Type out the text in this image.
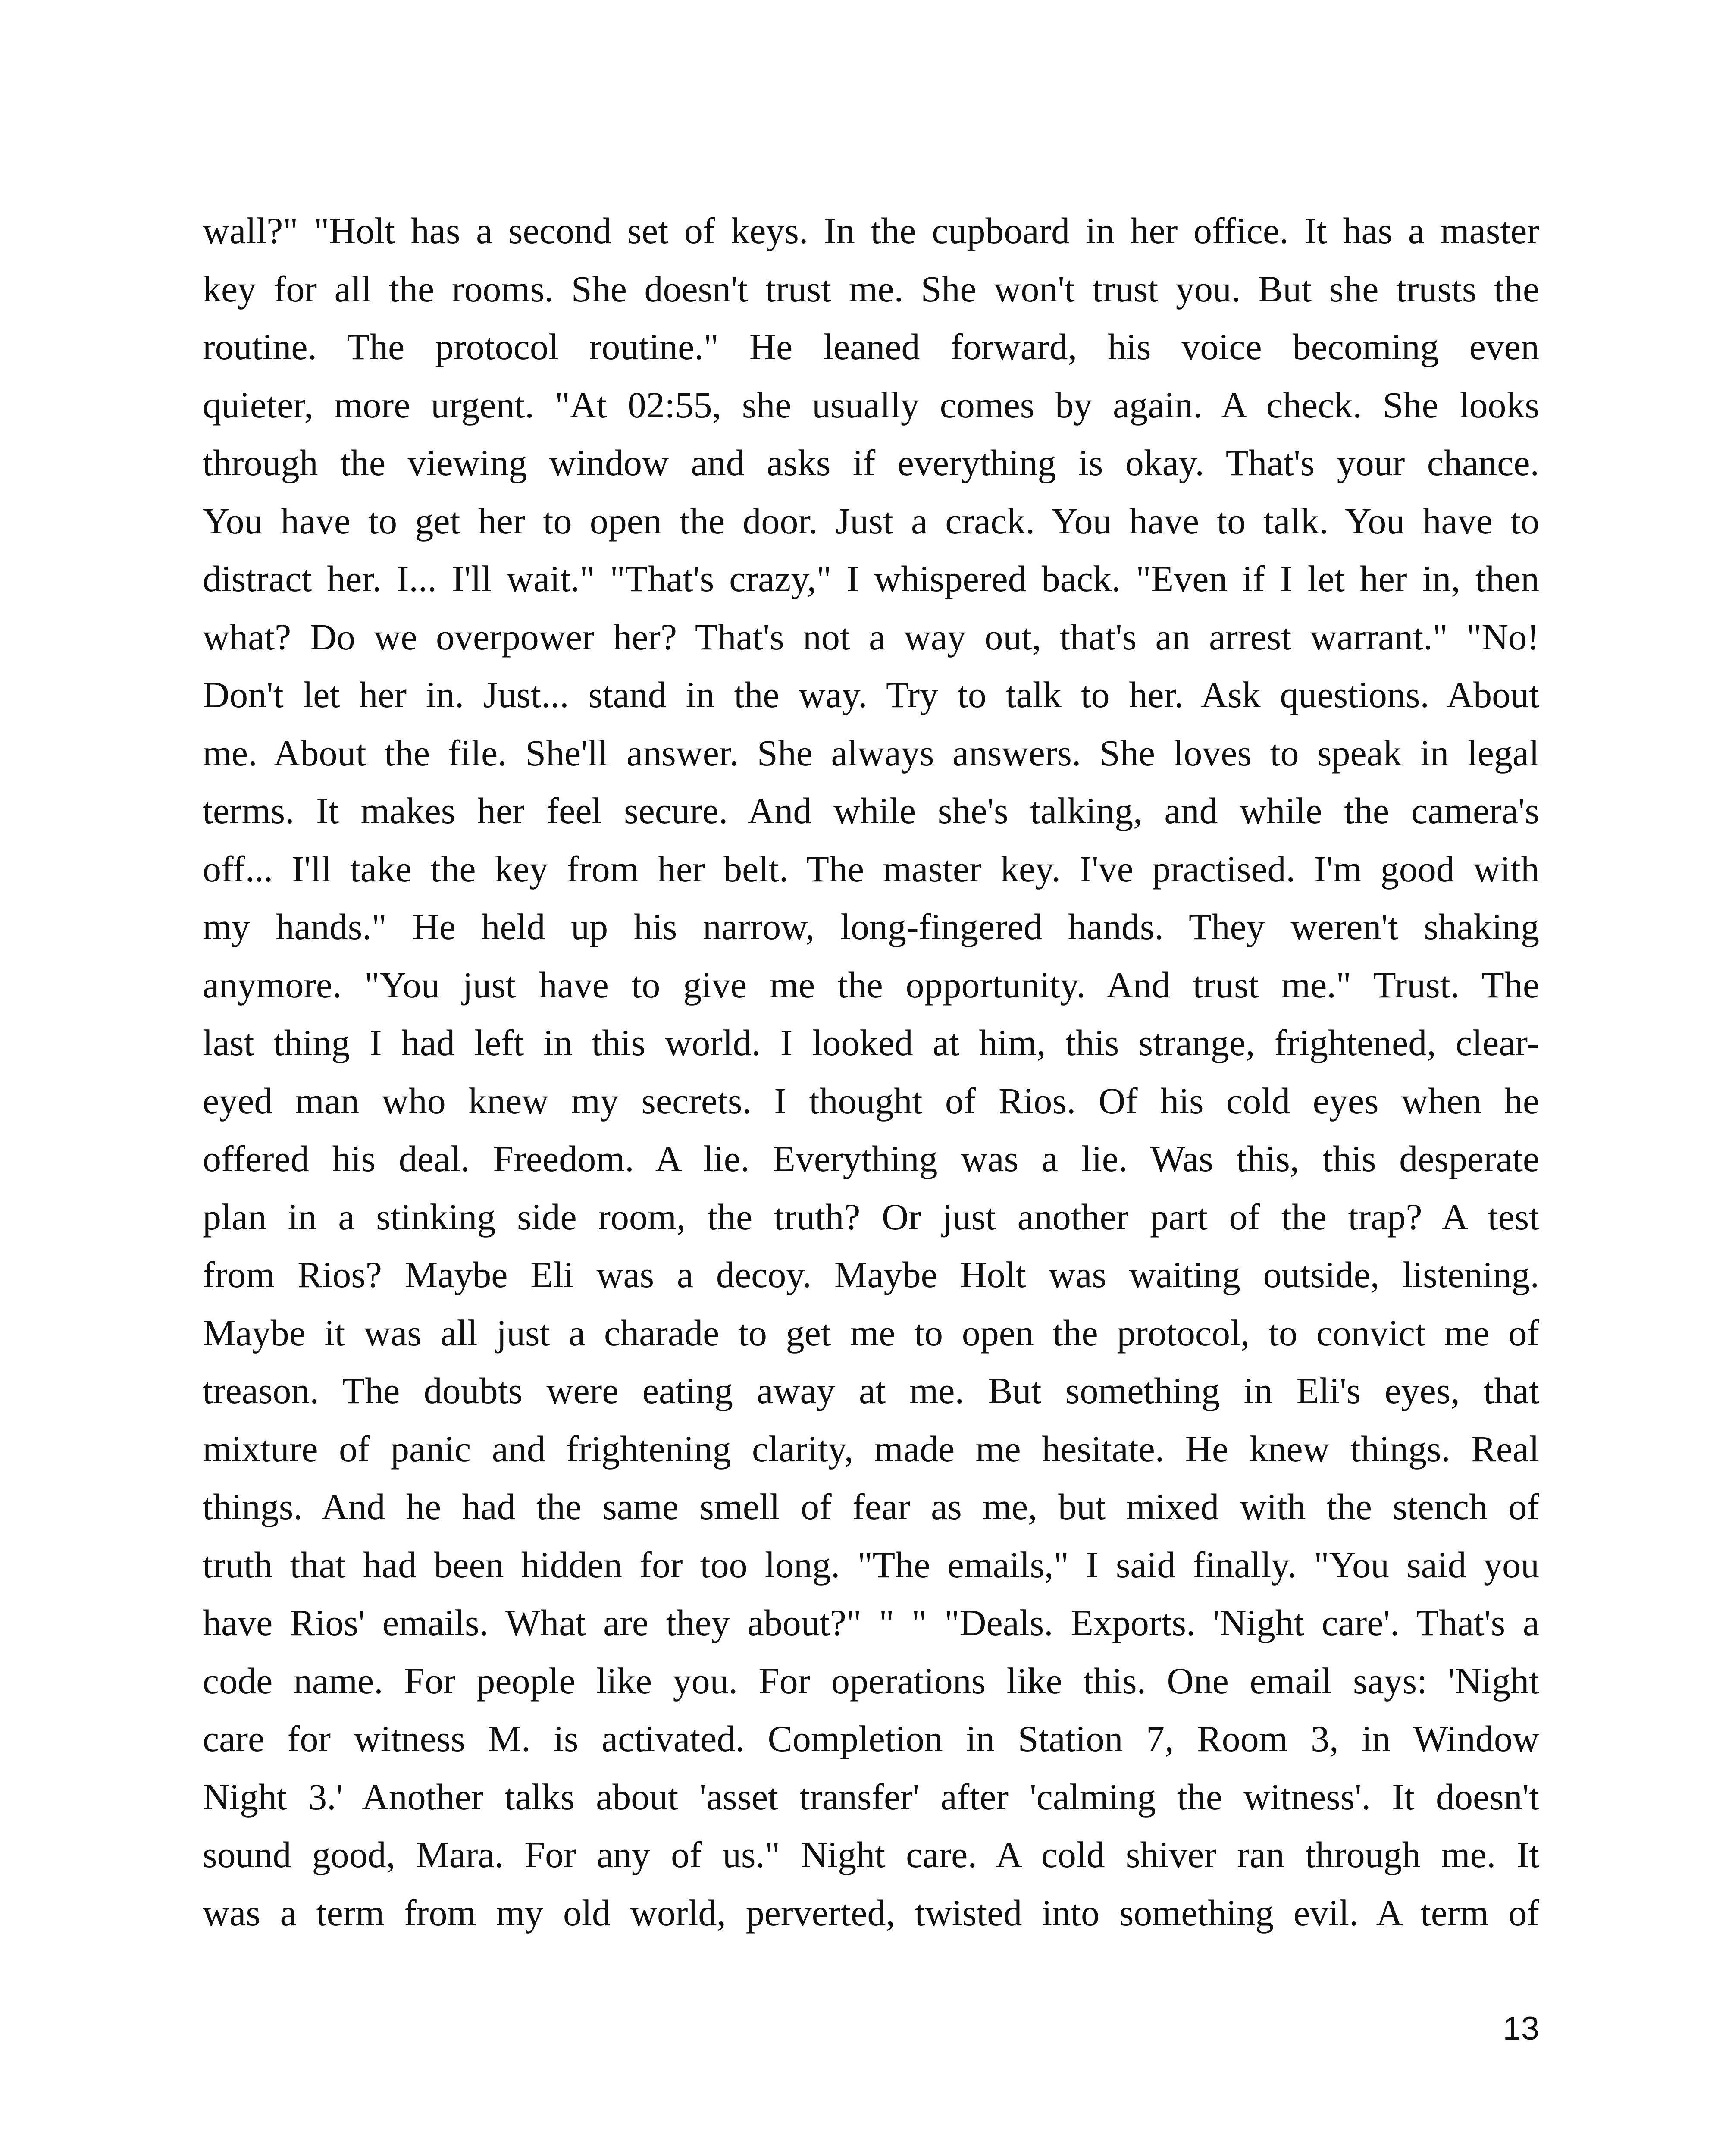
wall?" "Holt has a second set of keys. In the cupboard in her office. It has a master
key for all the rooms. She doesn't trust me. She won't trust you. But she trusts the
routine. The protocol routine." He leaned forward, his voice becoming even
quieter, more urgent. "At 02:55, she usually comes by again. A check. She looks
through the viewing window and asks if everything is okay. That's your chance.
You have to get her to open the door. Just a crack. You have to talk. You have to
distract her. I... I'll wait." "That's crazy," I whispered back. "Even if I let her in, then
what? Do we overpower her? That's not a way out, that's an arrest warrant." "No!
Don't let her in. Just... stand in the way. Try to talk to her. Ask questions. About
me. About the file. She'll answer. She always answers. She loves to speak in legal
terms. It makes her feel secure. And while she's talking, and while the camera's
off... I'll take the key from her belt. The master key. I've practised. I'm good with
my hands." He held up his narrow, long-fingered hands. They weren't shaking
anymore. "You just have to give me the opportunity. And trust me." Trust. The
last thing I had left in this world. I looked at him, this strange, frightened, clear-
eyed man who knew my secrets. I thought of Rios. Of his cold eyes when he
offered his deal. Freedom. A lie. Everything was a lie. Was this, this desperate
plan in a stinking side room, the truth? Or just another part of the trap? A test
from Rios? Maybe Eli was a decoy. Maybe Holt was waiting outside, listening.
Maybe it was all just a charade to get me to open the protocol, to convict me of
treason. The doubts were eating away at me. But something in Eli's eyes, that
mixture of panic and frightening clarity, made me hesitate. He knew things. Real
things. And he had the same smell of fear as me, but mixed with the stench of
truth that had been hidden for too long. "The emails," I said finally. "You said you
have Rios' emails. What are they about?" " " "Deals. Exports. 'Night care'. That's a
code name. For people like you. For operations like this. One email says: 'Night
care for witness M. is activated. Completion in Station 7, Room 3, in Window
Night 3.' Another talks about 'asset transfer' after 'calming the witness'. It doesn't
sound good, Mara. For any of us." Night care. A cold shiver ran through me. It
was a term from my old world, perverted, twisted into something evil. A term of
13
